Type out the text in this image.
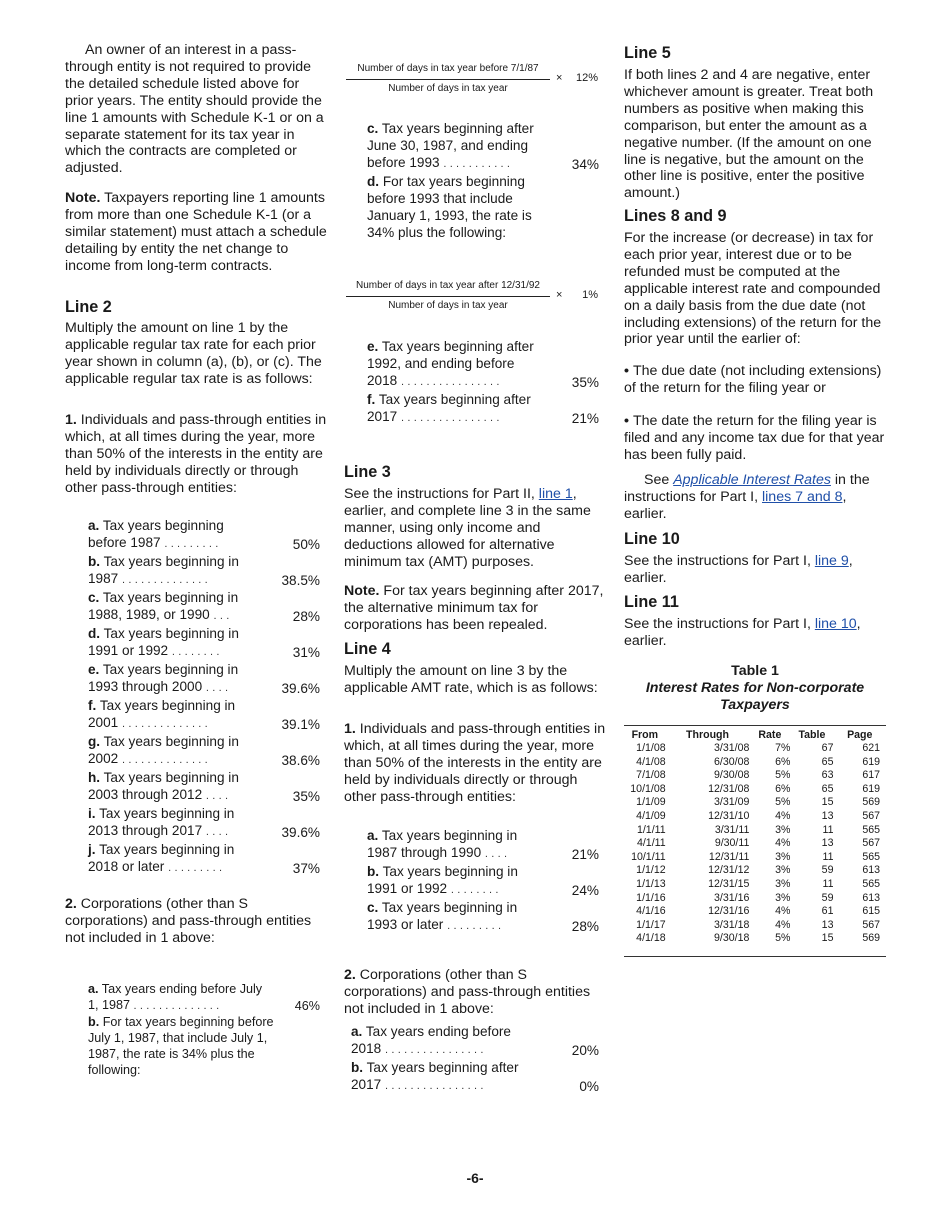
An owner of an interest in a pass-through entity is not required to provide the detailed schedule listed above for prior years. The entity should provide the line 1 amounts with Schedule K-1 or on a separate statement for its tax year in which the contracts are completed or adjusted.

Note. Taxpayers reporting line 1 amounts from more than one Schedule K-1 (or a similar statement) must attach a schedule detailing by entity the net change to income from long-term contracts.

Line 2

Multiply the amount on line 1 by the applicable regular tax rate for each prior year shown in column (a), (b), or (c). The applicable regular tax rate is as follows:

1. Individuals and pass-through entities in which, at all times during the year, more than 50% of the interests in the entity are held by individuals directly or through other pass-through entities:

a. Tax years beginning
before 1987 .........	50%
b. Tax years beginning in
1987 ..............	38.5%
c. Tax years beginning in
1988, 1989, or 1990 ...	28%
d. Tax years beginning in
1991 or 1992 ........	31%
e. Tax years beginning in
1993 through 2000 ....	39.6%
f. Tax years beginning in
2001 ..............	39.1%
g. Tax years beginning in
2002 ..............	38.6%
h. Tax years beginning in
2003 through 2012 ....	35%
i. Tax years beginning in
2013 through 2017 ....	39.6%
j. Tax years beginning in
2018 or later .........	37%

2. Corporations (other than S corporations) and pass-through entities not included in 1 above:

a. Tax years ending before July
1, 1987 ..............	46%
b. For tax years beginning before July 1, 1987, that include July 1, 1987, the rate is 34% plus the following:
Number of days in tax year before 7/1/87
Number of days in tax year
× 12%
c. Tax years beginning after
June 30, 1987, and ending
before 1993 ...........	34%
d. For tax years beginning before 1993 that include January 1, 1993, the rate is 34% plus the following:
Number of days in tax year after 12/31/92
Number of days in tax year
× 1%
e. Tax years beginning after
1992, and ending before
2018 ................	35%
f. Tax years beginning after
2017 ................	21%
Line 3

See the instructions for Part II, line 1, earlier, and complete line 3 in the same manner, using only income and deductions allowed for alternative minimum tax (AMT) purposes.

Note. For tax years beginning after 2017, the alternative minimum tax for corporations has been repealed.

Line 4

Multiply the amount on line 3 by the applicable AMT rate, which is as follows:

1. Individuals and pass-through entities in which, at all times during the year, more than 50% of the interests in the entity are held by individuals directly or through other pass-through entities:

a. Tax years beginning in
1987 through 1990 ....	21%
b. Tax years beginning in
1991 or 1992 ........	24%
c. Tax years beginning in
1993 or later .........	28%

2. Corporations (other than S corporations) and pass-through entities not included in 1 above:

a. Tax years ending before
2018 ................	20%
b. Tax years beginning after
2017 ................	0%
Line 5

If both lines 2 and 4 are negative, enter whichever amount is greater. Treat both numbers as positive when making this comparison, but enter the amount as a negative number. (If the amount on one line is negative, but the amount on the other line is positive, enter the positive amount.)

Lines 8 and 9

For the increase (or decrease) in tax for each prior year, interest due or to be refunded must be computed at the applicable interest rate and compounded on a daily basis from the due date (not including extensions) of the return for the prior year until the earlier of:

• The due date (not including extensions) of the return for the filing year or

• The date the return for the filing year is filed and any income tax due for that year has been fully paid.

See Applicable Interest Rates in the instructions for Part I, lines 7 and 8, earlier.

Line 10

See the instructions for Part I, line 9, earlier.

Line 11

See the instructions for Part I, line 10, earlier.

Table 1
Interest Rates for Non-corporate Taxpayers
From	Through	Rate	Table	Page
1/1/08	3/31/08	7%	67	621
4/1/08	6/30/08	6%	65	619
7/1/08	9/30/08	5%	63	617
10/1/08	12/31/08	6%	65	619
1/1/09	3/31/09	5%	15	569
4/1/09	12/31/10	4%	13	567
1/1/11	3/31/11	3%	11	565
4/1/11	9/30/11	4%	13	567
10/1/11	12/31/11	3%	11	565
1/1/12	12/31/12	3%	59	613
1/1/13	12/31/15	3%	11	565
1/1/16	3/31/16	3%	59	613
4/1/16	12/31/16	4%	61	615
1/1/17	3/31/18	4%	13	567
4/1/18	9/30/18	5%	15	569
-6-
